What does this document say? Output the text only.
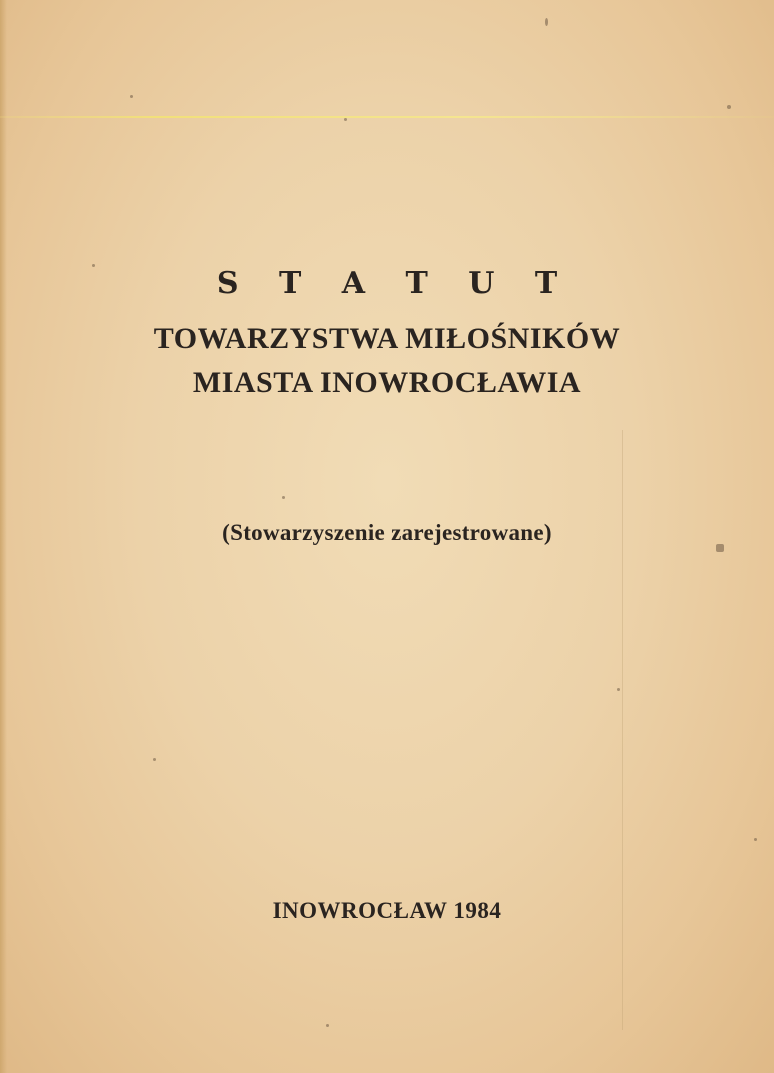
S T A T U T
TOWARZYSTWA MIŁOŚNIKÓW
MIASTA INOWROCŁAWIA

(Stowarzyszenie zarejestrowane)

INOWROCŁAW 1984
